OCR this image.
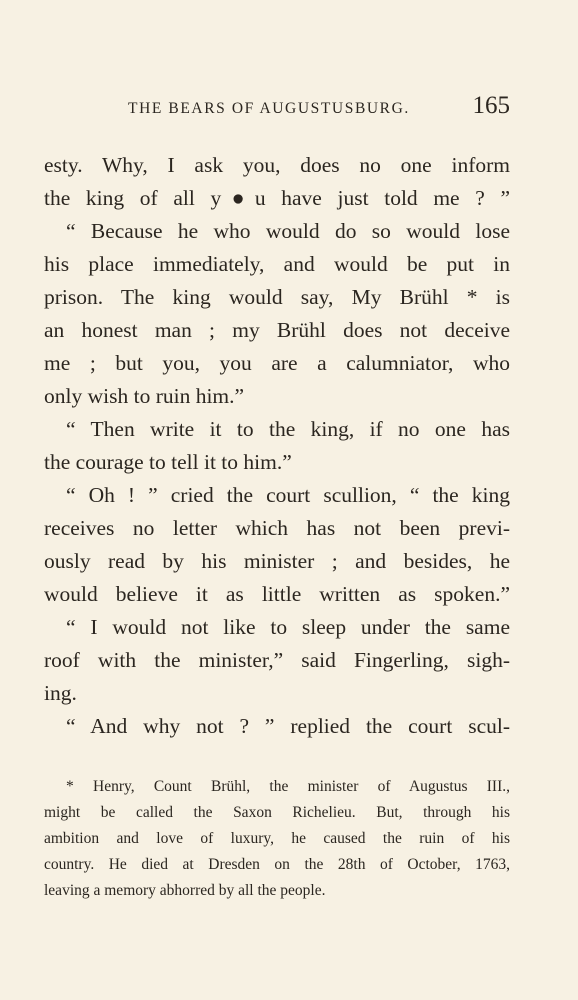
THE BEARS OF AUGUSTUSBURG.	165
esty. Why, I ask you, does no one inform
the king of all y●u have just told me ? ”
“ Because he who would do so would lose
his place immediately, and would be put in
prison. The king would say, My Brühl * is
an honest man ; my Brühl does not deceive
me ; but you, you are a calumniator, who
only wish to ruin him.”
“ Then write it to the king, if no one has
the courage to tell it to him.”
“ Oh ! ” cried the court scullion, “ the king
receives no letter which has not been previ-
ously read by his minister ; and besides, he
would believe it as little written as spoken.”
“ I would not like to sleep under the same
roof with the minister,” said Fingerling, sigh-
ing.
“ And why not ? ” replied the court scul-
* Henry, Count Brühl, the minister of Augustus III.,
might be called the Saxon Richelieu. But, through his
ambition and love of luxury, he caused the ruin of his
country. He died at Dresden on the 28th of October, 1763,
leaving a memory abhorred by all the people.
